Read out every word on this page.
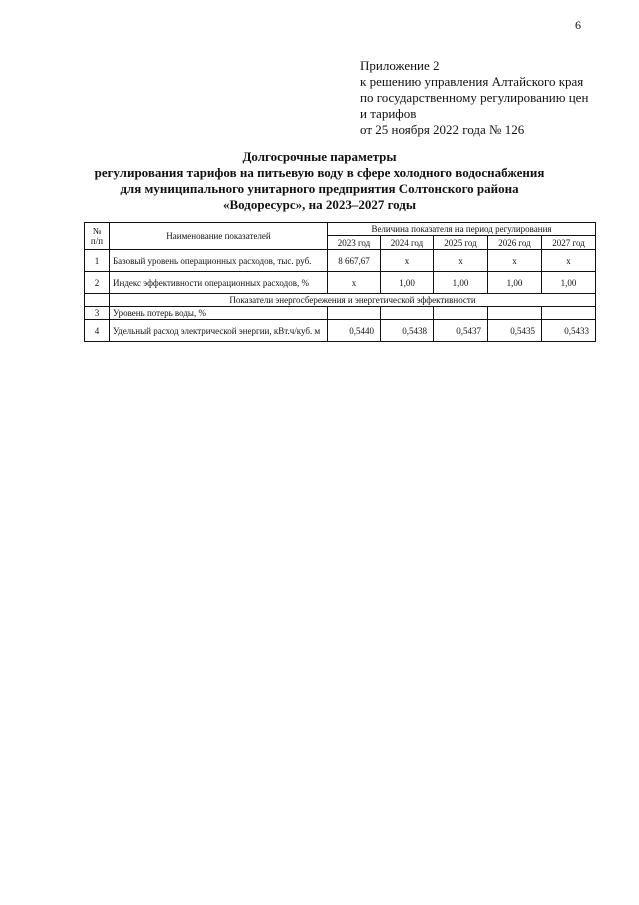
6
Приложение 2
к решению управления Алтайского края
по государственному регулированию цен
и тарифов
от 25 ноября 2022 года № 126
Долгосрочные параметры
регулирования тарифов на питьевую воду в сфере холодного водоснабжения
для муниципального унитарного предприятия Солтонского района
«Водоресурс», на 2023–2027 годы
№ п/п	Наименование показателей	Величина показателя на период регулирования				
		2023 год	2024 год	2025 год	2026 год	2027 год
1	Базовый уровень операционных расходов, тыс. руб.	8 667,67	х	х	х	х
2	Индекс эффективности операционных расходов, %	х	1,00	1,00	1,00	1,00
	Показатели энергосбережения и энергетической эффективности					
3	Уровень потерь воды, %					
4	Удельный расход электрической энергии, кВт.ч/куб. м	0,5440	0,5438	0,5437	0,5435	0,5433
